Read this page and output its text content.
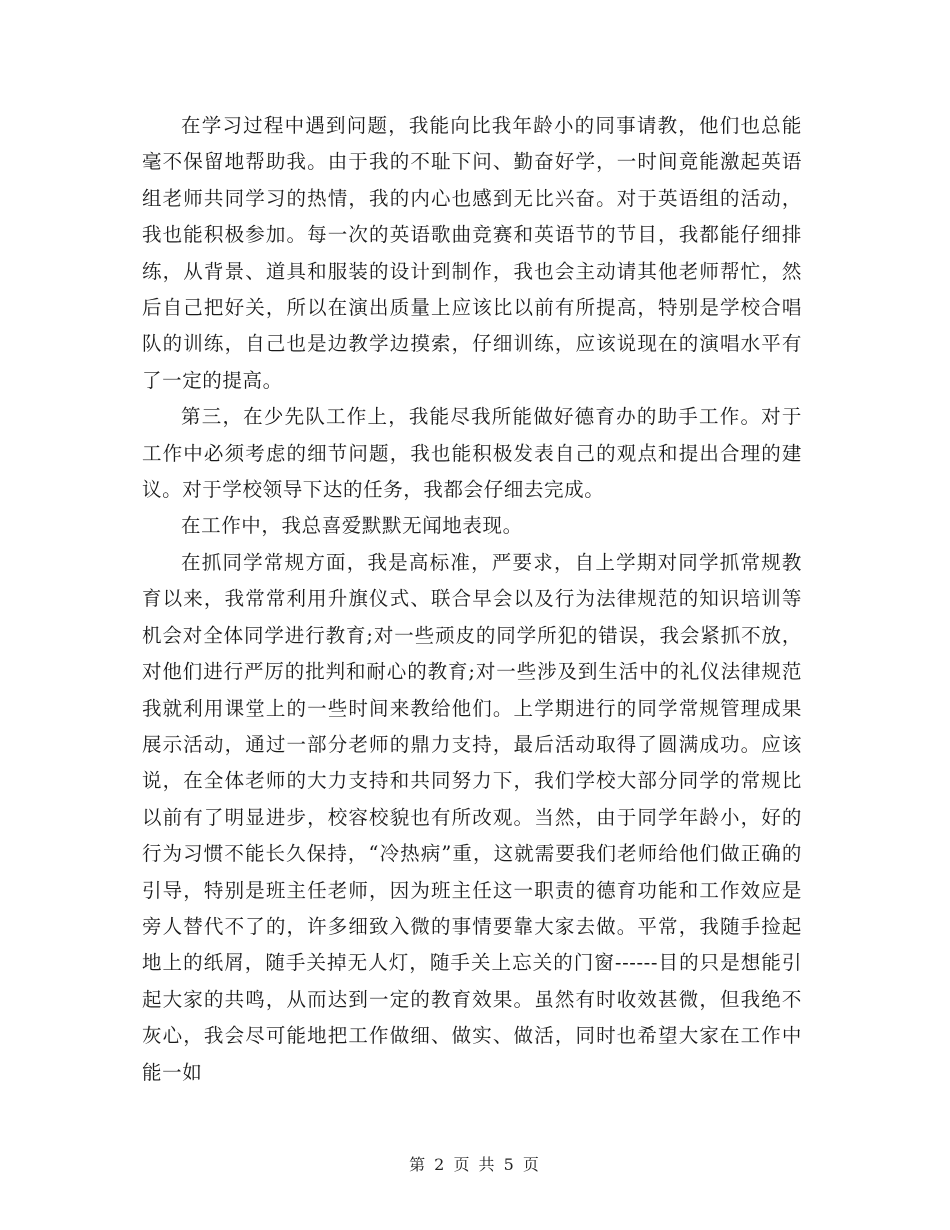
在学习过程中遇到问题，我能向比我年龄小的同事请教，他们也总能毫不保留地帮助我。由于我的不耻下问、勤奋好学，一时间竟能激起英语组老师共同学习的热情，我的内心也感到无比兴奋。对于英语组的活动，我也能积极参加。每一次的英语歌曲竞赛和英语节的节目，我都能仔细排练，从背景、道具和服装的设计到制作，我也会主动请其他老师帮忙，然后自己把好关，所以在演出质量上应该比以前有所提高，特别是学校合唱队的训练，自己也是边教学边摸索，仔细训练，应该说现在的演唱水平有了一定的提高。

第三，在少先队工作上，我能尽我所能做好德育办的助手工作。对于工作中必须考虑的细节问题，我也能积极发表自己的观点和提出合理的建议。对于学校领导下达的任务，我都会仔细去完成。

在工作中，我总喜爱默默无闻地表现。

在抓同学常规方面，我是高标准，严要求，自上学期对同学抓常规教育以来，我常常利用升旗仪式、联合早会以及行为法律规范的知识培训等机会对全体同学进行教育;对一些顽皮的同学所犯的错误，我会紧抓不放，对他们进行严厉的批判和耐心的教育;对一些涉及到生活中的礼仪法律规范我就利用课堂上的一些时间来教给他们。上学期进行的同学常规管理成果展示活动，通过一部分老师的鼎力支持，最后活动取得了圆满成功。应该说，在全体老师的大力支持和共同努力下，我们学校大部分同学的常规比以前有了明显进步，校容校貌也有所改观。当然，由于同学年龄小，好的行为习惯不能长久保持，“冷热病”重，这就需要我们老师给他们做正确的引导，特别是班主任老师，因为班主任这一职责的德育功能和工作效应是旁人替代不了的，许多细致入微的事情要靠大家去做。平常，我随手捡起地上的纸屑，随手关掉无人灯，随手关上忘关的门窗------目的只是想能引起大家的共鸣，从而达到一定的教育效果。虽然有时收效甚微，但我绝不灰心，我会尽可能地把工作做细、做实、做活，同时也希望大家在工作中能一如

第 2 页 共 5 页
